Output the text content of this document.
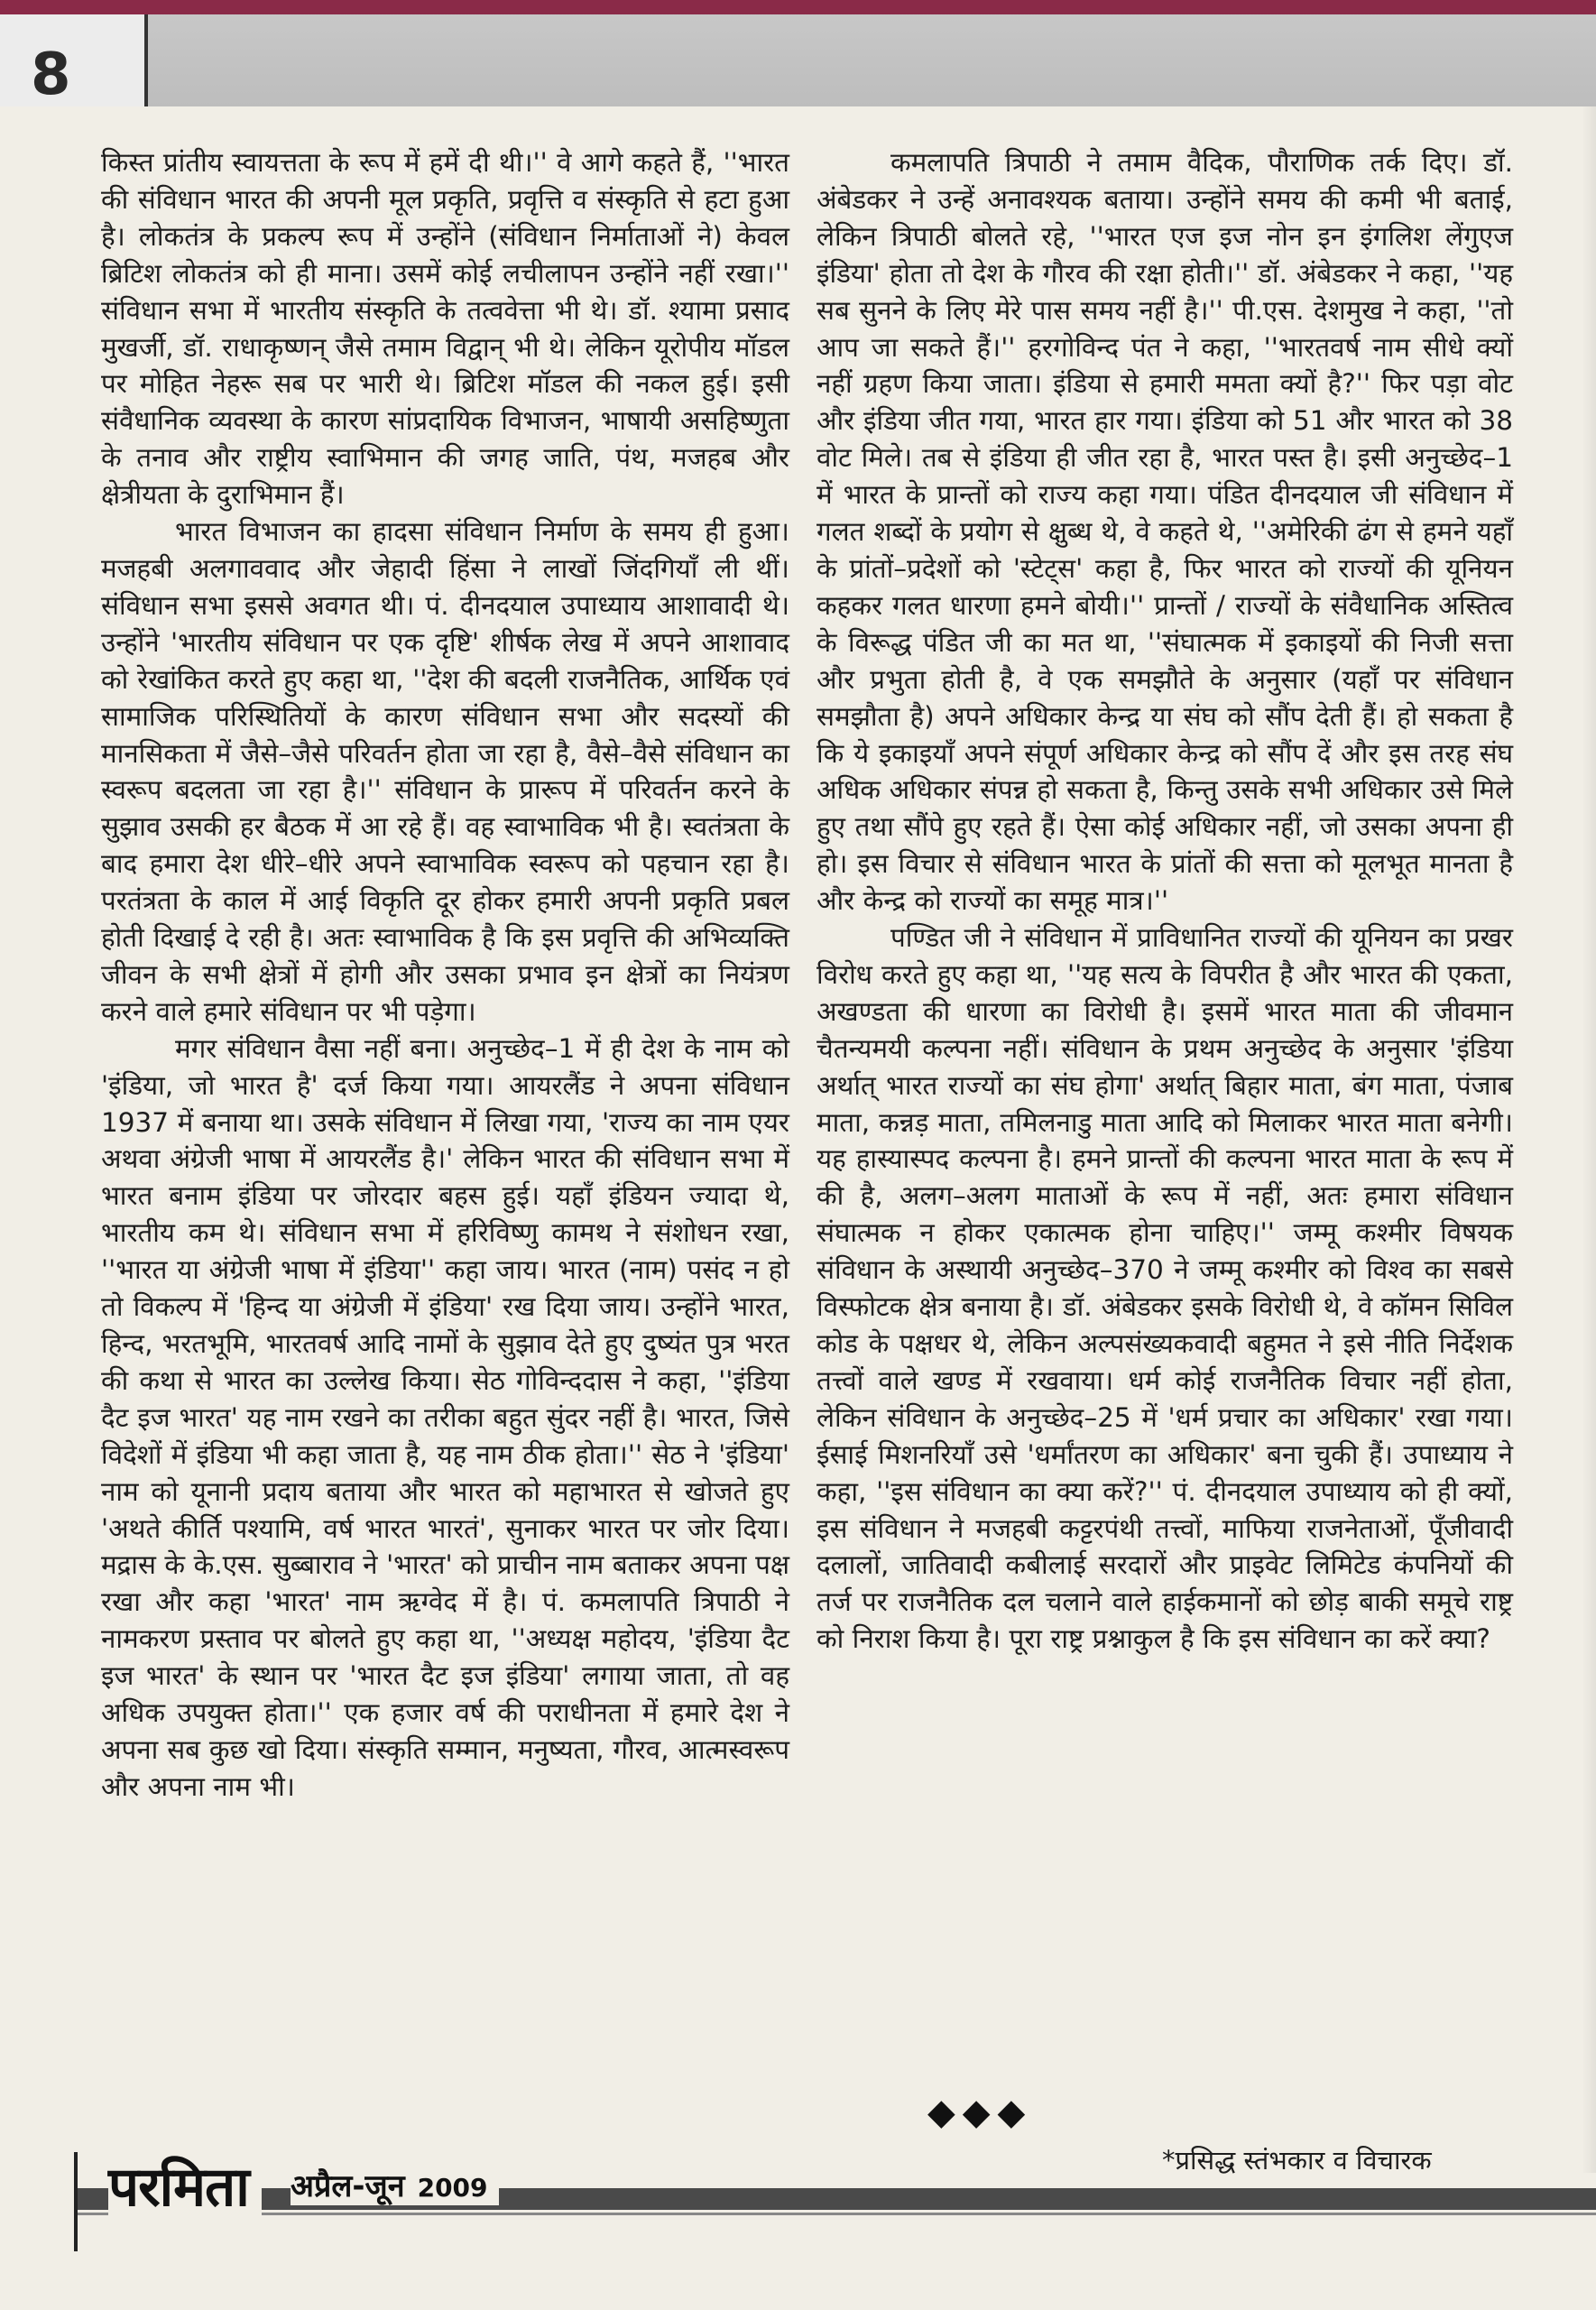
8

किस्त प्रांतीय स्वायत्तता के रूप में हमें दी थी।'' वे आगे कहते हैं, ''भारत की संविधान भारत की अपनी मूल प्रकृति, प्रवृत्ति व संस्कृति से हटा हुआ है। लोकतंत्र के प्रकल्प रूप में उन्होंने (संविधान निर्माताओं ने) केवल ब्रिटिश लोकतंत्र को ही माना। उसमें कोई लचीलापन उन्होंने नहीं रखा।'' संविधान सभा में भारतीय संस्कृति के तत्ववेत्ता भी थे। डॉ. श्यामा प्रसाद मुखर्जी, डॉ. राधाकृष्णन् जैसे तमाम विद्वान् भी थे। लेकिन यूरोपीय मॉडल पर मोहित नेहरू सब पर भारी थे। ब्रिटिश मॉडल की नकल हुई। इसी संवैधानिक व्यवस्था के कारण सांप्रदायिक विभाजन, भाषायी असहिष्णुता के तनाव और राष्ट्रीय स्वाभिमान की जगह जाति, पंथ, मजहब और क्षेत्रीयता के दुराभिमान हैं।

भारत विभाजन का हादसा संविधान निर्माण के समय ही हुआ। मजहबी अलगाववाद और जेहादी हिंसा ने लाखों जिंदगियाँ ली थीं। संविधान सभा इससे अवगत थी। पं. दीनदयाल उपाध्याय आशावादी थे। उन्होंने 'भारतीय संविधान पर एक दृष्टि' शीर्षक लेख में अपने आशावाद को रेखांकित करते हुए कहा था, ''देश की बदली राजनैतिक, आर्थिक एवं सामाजिक परिस्थितियों के कारण संविधान सभा और सदस्यों की मानसिकता में जैसे–जैसे परिवर्तन होता जा रहा है, वैसे–वैसे संविधान का स्वरूप बदलता जा रहा है।'' संविधान के प्रारूप में परिवर्तन करने के सुझाव उसकी हर बैठक में आ रहे हैं। वह स्वाभाविक भी है। स्वतंत्रता के बाद हमारा देश धीरे–धीरे अपने स्वाभाविक स्वरूप को पहचान रहा है। परतंत्रता के काल में आई विकृति दूर होकर हमारी अपनी प्रकृति प्रबल होती दिखाई दे रही है। अतः स्वाभाविक है कि इस प्रवृत्ति की अभिव्यक्ति जीवन के सभी क्षेत्रों में होगी और उसका प्रभाव इन क्षेत्रों का नियंत्रण करने वाले हमारे संविधान पर भी पड़ेगा।

मगर संविधान वैसा नहीं बना। अनुच्छेद–1 में ही देश के नाम को 'इंडिया, जो भारत है' दर्ज किया गया। आयरलैंड ने अपना संविधान 1937 में बनाया था। उसके संविधान में लिखा गया, 'राज्य का नाम एयर अथवा अंग्रेजी भाषा में आयरलैंड है।' लेकिन भारत की संविधान सभा में भारत बनाम इंडिया पर जोरदार बहस हुई। यहाँ इंडियन ज्यादा थे, भारतीय कम थे। संविधान सभा में हरिविष्णु कामथ ने संशोधन रखा, ''भारत या अंग्रेजी भाषा में इंडिया'' कहा जाय। भारत (नाम) पसंद न हो तो विकल्प में 'हिन्द या अंग्रेजी में इंडिया' रख दिया जाय। उन्होंने भारत, हिन्द, भरतभूमि, भारतवर्ष आदि नामों के सुझाव देते हुए दुष्यंत पुत्र भरत की कथा से भारत का उल्लेख किया। सेठ गोविन्ददास ने कहा, ''इंडिया दैट इज भारत' यह नाम रखने का तरीका बहुत सुंदर नहीं है। भारत, जिसे विदेशों में इंडिया भी कहा जाता है, यह नाम ठीक होता।'' सेठ ने 'इंडिया' नाम को यूनानी प्रदाय बताया और भारत को महाभारत से खोजते हुए 'अथते कीर्ति पश्यामि, वर्ष भारत भारतं', सुनाकर भारत पर जोर दिया। मद्रास के के.एस. सुब्बाराव ने 'भारत' को प्राचीन नाम बताकर अपना पक्ष रखा और कहा 'भारत' नाम ऋग्वेद में है। पं. कमलापति त्रिपाठी ने नामकरण प्रस्ताव पर बोलते हुए कहा था, ''अध्यक्ष महोदय, 'इंडिया दैट इज भारत' के स्थान पर 'भारत दैट इज इंडिया' लगाया जाता, तो वह अधिक उपयुक्त होता।'' एक हजार वर्ष की पराधीनता में हमारे देश ने अपना सब कुछ खो दिया। संस्कृति सम्मान, मनुष्यता, गौरव, आत्मस्वरूप और अपना नाम भी।

कमलापति त्रिपाठी ने तमाम वैदिक, पौराणिक तर्क दिए। डॉ. अंबेडकर ने उन्हें अनावश्यक बताया। उन्होंने समय की कमी भी बताई, लेकिन त्रिपाठी बोलते रहे, ''भारत एज इज नोन इन इंगलिश लेंगुएज इंडिया' होता तो देश के गौरव की रक्षा होती।'' डॉ. अंबेडकर ने कहा, ''यह सब सुनने के लिए मेरे पास समय नहीं है।'' पी.एस. देशमुख ने कहा, ''तो आप जा सकते हैं।'' हरगोविन्द पंत ने कहा, ''भारतवर्ष नाम सीधे क्यों नहीं ग्रहण किया जाता। इंडिया से हमारी ममता क्यों है?'' फिर पड़ा वोट और इंडिया जीत गया, भारत हार गया। इंडिया को 51 और भारत को 38 वोट मिले। तब से इंडिया ही जीत रहा है, भारत पस्त है। इसी अनुच्छेद–1 में भारत के प्रान्तों को राज्य कहा गया। पंडित दीनदयाल जी संविधान में गलत शब्दों के प्रयोग से क्षुब्ध थे, वे कहते थे, ''अमेरिकी ढंग से हमने यहाँ के प्रांतों–प्रदेशों को 'स्टेट्स' कहा है, फिर भारत को राज्यों की यूनियन कहकर गलत धारणा हमने बोयी।'' प्रान्तों / राज्यों के संवैधानिक अस्तित्व के विरूद्ध पंडित जी का मत था, ''संघात्मक में इकाइयों की निजी सत्ता और प्रभुता होती है, वे एक समझौते के अनुसार (यहाँ पर संविधान समझौता है) अपने अधिकार केन्द्र या संघ को सौंप देती हैं। हो सकता है कि ये इकाइयाँ अपने संपूर्ण अधिकार केन्द्र को सौंप दें और इस तरह संघ अधिक अधिकार संपन्न हो सकता है, किन्तु उसके सभी अधिकार उसे मिले हुए तथा सौंपे हुए रहते हैं। ऐसा कोई अधिकार नहीं, जो उसका अपना ही हो। इस विचार से संविधान भारत के प्रांतों की सत्ता को मूलभूत मानता है और केन्द्र को राज्यों का समूह मात्र।''

पण्डित जी ने संविधान में प्राविधानित राज्यों की यूनियन का प्रखर विरोध करते हुए कहा था, ''यह सत्य के विपरीत है और भारत की एकता, अखण्डता की धारणा का विरोधी है। इसमें भारत माता की जीवमान चैतन्यमयी कल्पना नहीं। संविधान के प्रथम अनुच्छेद के अनुसार 'इंडिया अर्थात् भारत राज्यों का संघ होगा' अर्थात् बिहार माता, बंग माता, पंजाब माता, कन्नड़ माता, तमिलनाडु माता आदि को मिलाकर भारत माता बनेगी। यह हास्यास्पद कल्पना है। हमने प्रान्तों की कल्पना भारत माता के रूप में की है, अलग–अलग माताओं के रूप में नहीं, अतः हमारा संविधान संघात्मक न होकर एकात्मक होना चाहिए।'' जम्मू कश्मीर विषयक संविधान के अस्थायी अनुच्छेद–370 ने जम्मू कश्मीर को विश्व का सबसे विस्फोटक क्षेत्र बनाया है। डॉ. अंबेडकर इसके विरोधी थे, वे कॉमन सिविल कोड के पक्षधर थे, लेकिन अल्पसंख्यकवादी बहुमत ने इसे नीति निर्देशक तत्त्वों वाले खण्ड में रखवाया। धर्म कोई राजनैतिक विचार नहीं होता, लेकिन संविधान के अनुच्छेद–25 में 'धर्म प्रचार का अधिकार' रखा गया। ईसाई मिशनरियाँ उसे 'धर्मांतरण का अधिकार' बना चुकी हैं। उपाध्याय ने कहा, ''इस संविधान का क्या करें?'' पं. दीनदयाल उपाध्याय को ही क्यों, इस संविधान ने मजहबी कट्टरपंथी तत्त्वों, माफिया राजनेताओं, पूँजीवादी दलालों, जातिवादी कबीलाई सरदारों और प्राइवेट लिमिटेड कंपनियों की तर्ज पर राजनैतिक दल चलाने वाले हाईकमानों को छोड़ बाकी समूचे राष्ट्र को निराश किया है। पूरा राष्ट्र प्रश्नाकुल है कि इस संविधान का करें क्या?

◆◆◆
*प्रसिद्ध स्तंभकार व विचारक
परमिता	अप्रैल-जून 2009
